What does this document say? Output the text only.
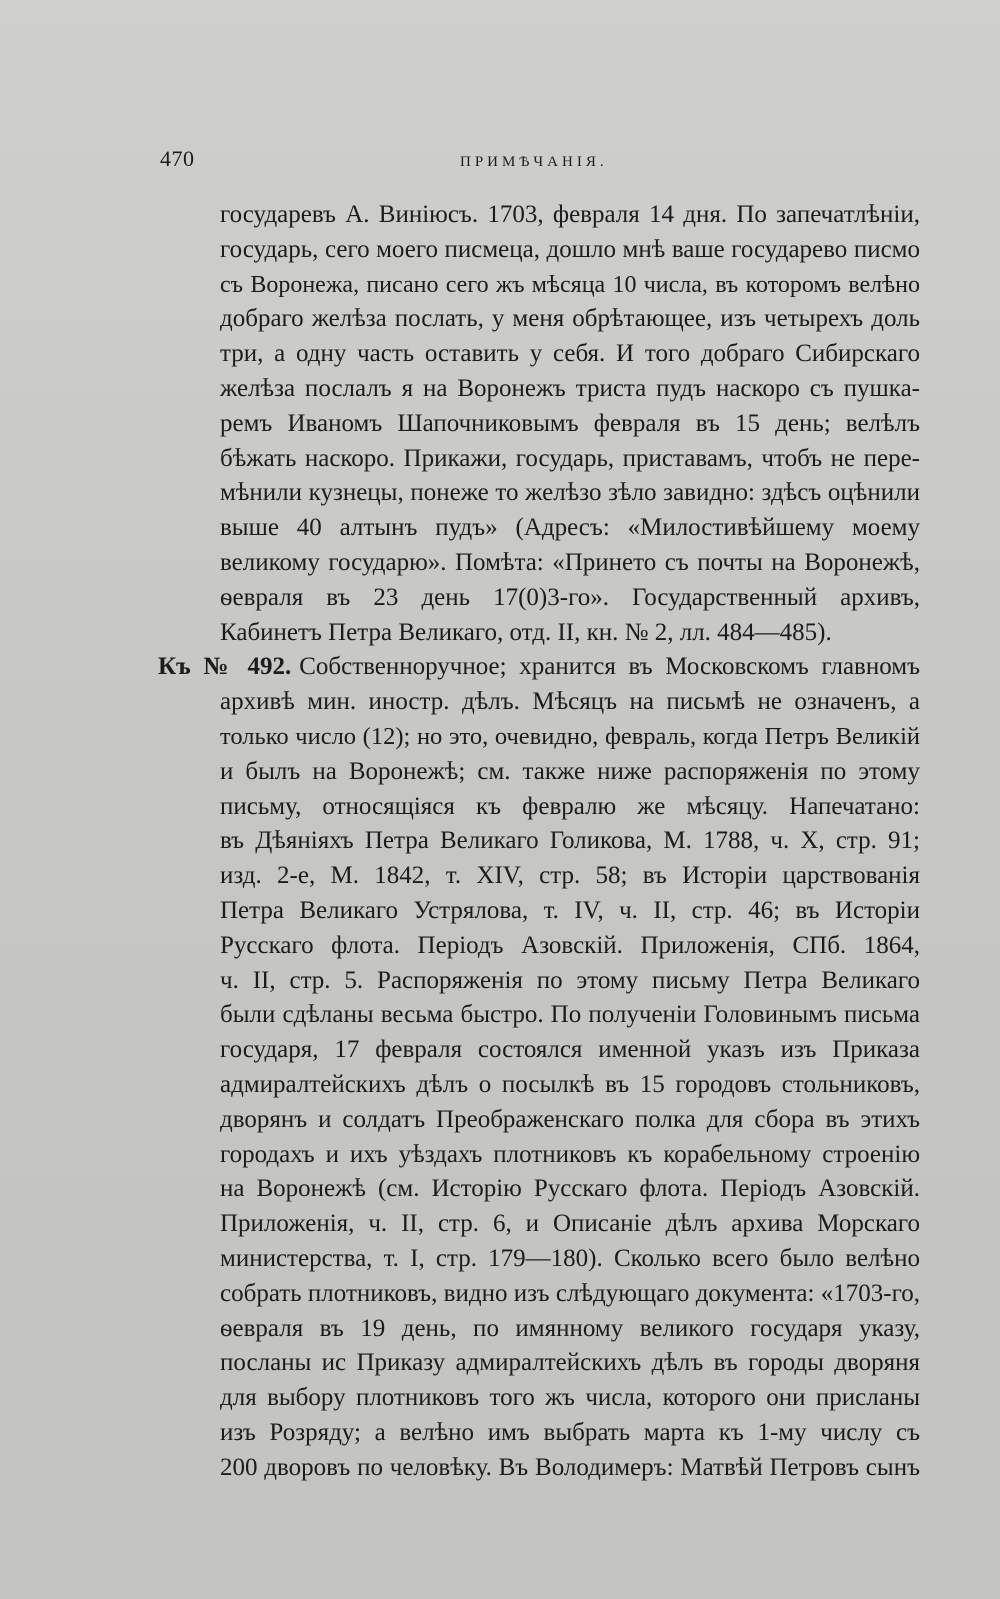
470	ПРИМѢЧАНІЯ.
государевъ А. Виніюсъ. 1703, февраля 14 дня. По запечатлѣніи,
государь, сего моего писмеца, дошло мнѣ ваше государево писмо
съ Воронежа, писано сего жъ мѣсяца 10 числа, въ которомъ велѣно
добраго желѣза послать, у меня обрѣтающее, изъ четырехъ доль
три, а одну часть оставить у себя. И того добраго Сибирскаго
желѣза послалъ я на Воронежъ триста пудъ наскоро съ пушка-
ремъ Иваномъ Шапочниковымъ февраля въ 15 день; велѣлъ
бѣжать наскоро. Прикажи, государь, приставамъ, чтобъ не пере-
мѣнили кузнецы, понеже то желѣзо зѣло завидно: здѣсъ оцѣнили
выше 40 алтынъ пудъ» (Адресъ: «Милостивѣйшему моему
великому государю». Помѣта: «Принето съ почты на Воронежѣ,
ѳевраля въ 23 день 17(0)3-го». Государственный архивъ,
Кабинетъ Петра Великаго, отд. II, кн. № 2, лл. 484—485).
Къ № 492. Собственноручное; хранится въ Московскомъ главномъ
архивѣ мин. иностр. дѣлъ. Мѣсяцъ на письмѣ не означенъ, а
только число (12); но это, очевидно, февраль, когда Петръ Великій
и былъ на Воронежѣ; см. также ниже распоряженія по этому
письму, относящіяся къ февралю же мѣсяцу. Напечатано:
въ Дѣяніяхъ Петра Великаго Голикова, М. 1788, ч. X, стр. 91;
изд. 2-е, М. 1842, т. XIV, стр. 58; въ Исторіи царствованія
Петра Великаго Устрялова, т. IV, ч. II, стр. 46; въ Исторіи
Русскаго флота. Періодъ Азовскій. Приложенія, СПб. 1864,
ч. II, стр. 5. Распоряженія по этому письму Петра Великаго
были сдѣланы весьма быстро. По полученіи Головинымъ письма
государя, 17 февраля состоялся именной указъ изъ Приказа
адмиралтейскихъ дѣлъ о посылкѣ въ 15 городовъ стольниковъ,
дворянъ и солдатъ Преображенскаго полка для сбора въ этихъ
городахъ и ихъ уѣздахъ плотниковъ къ корабельному строенію
на Воронежѣ (см. Исторію Русскаго флота. Періодъ Азовскій.
Приложенія, ч. II, стр. 6, и Описаніе дѣлъ архива Морскаго
министерства, т. I, стр. 179—180). Сколько всего было велѣно
собрать плотниковъ, видно изъ слѣдующаго документа: «1703-го,
ѳевраля въ 19 день, по имянному великого государя указу,
посланы ис Приказу адмиралтейскихъ дѣлъ въ городы дворяня
для выбору плотниковъ того жъ числа, которого они присланы
изъ Розряду; а велѣно имъ выбрать марта къ 1-му числу съ
200 дворовъ по человѣку. Въ Володимеръ: Матвѣй Петровъ сынъ
